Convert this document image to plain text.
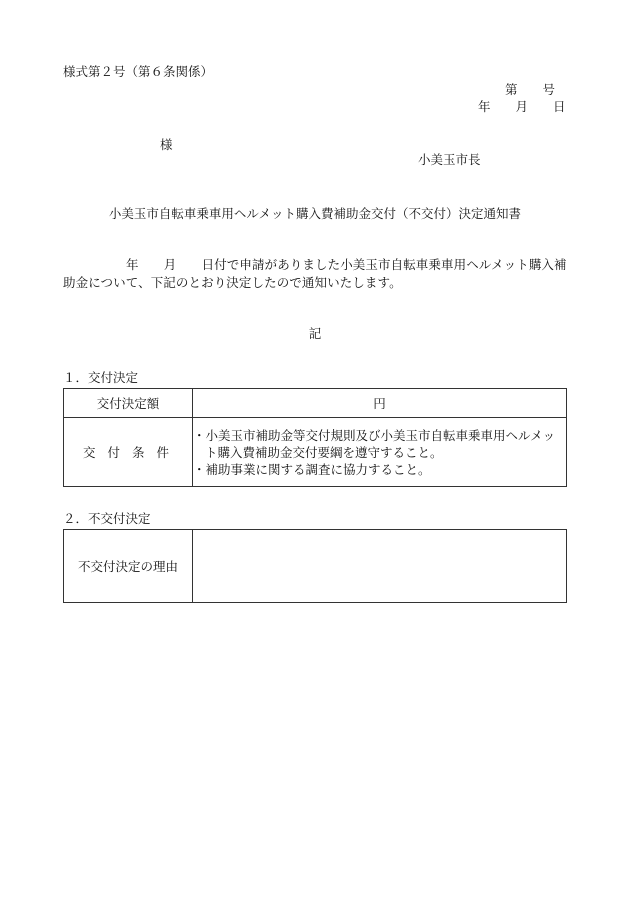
様式第２号（第６条関係）
第　　号
年　　月　　日
様
小美玉市長
小美玉市自転車乗車用ヘルメット購入費補助金交付（不交付）決定通知書
年　　月　　日付で申請がありました小美玉市自転車乗車用ヘルメット購入補助金について、下記のとおり決定したので通知いたします。
記
１．交付決定
交付決定額	円
交 付 条 件	・小美玉市補助金等交付規則及び小美玉市自転車乗車用ヘルメット購入費補助金交付要綱を遵守すること。
・補助事業に関する調査に協力すること。
２．不交付決定
不交付決定の理由	
